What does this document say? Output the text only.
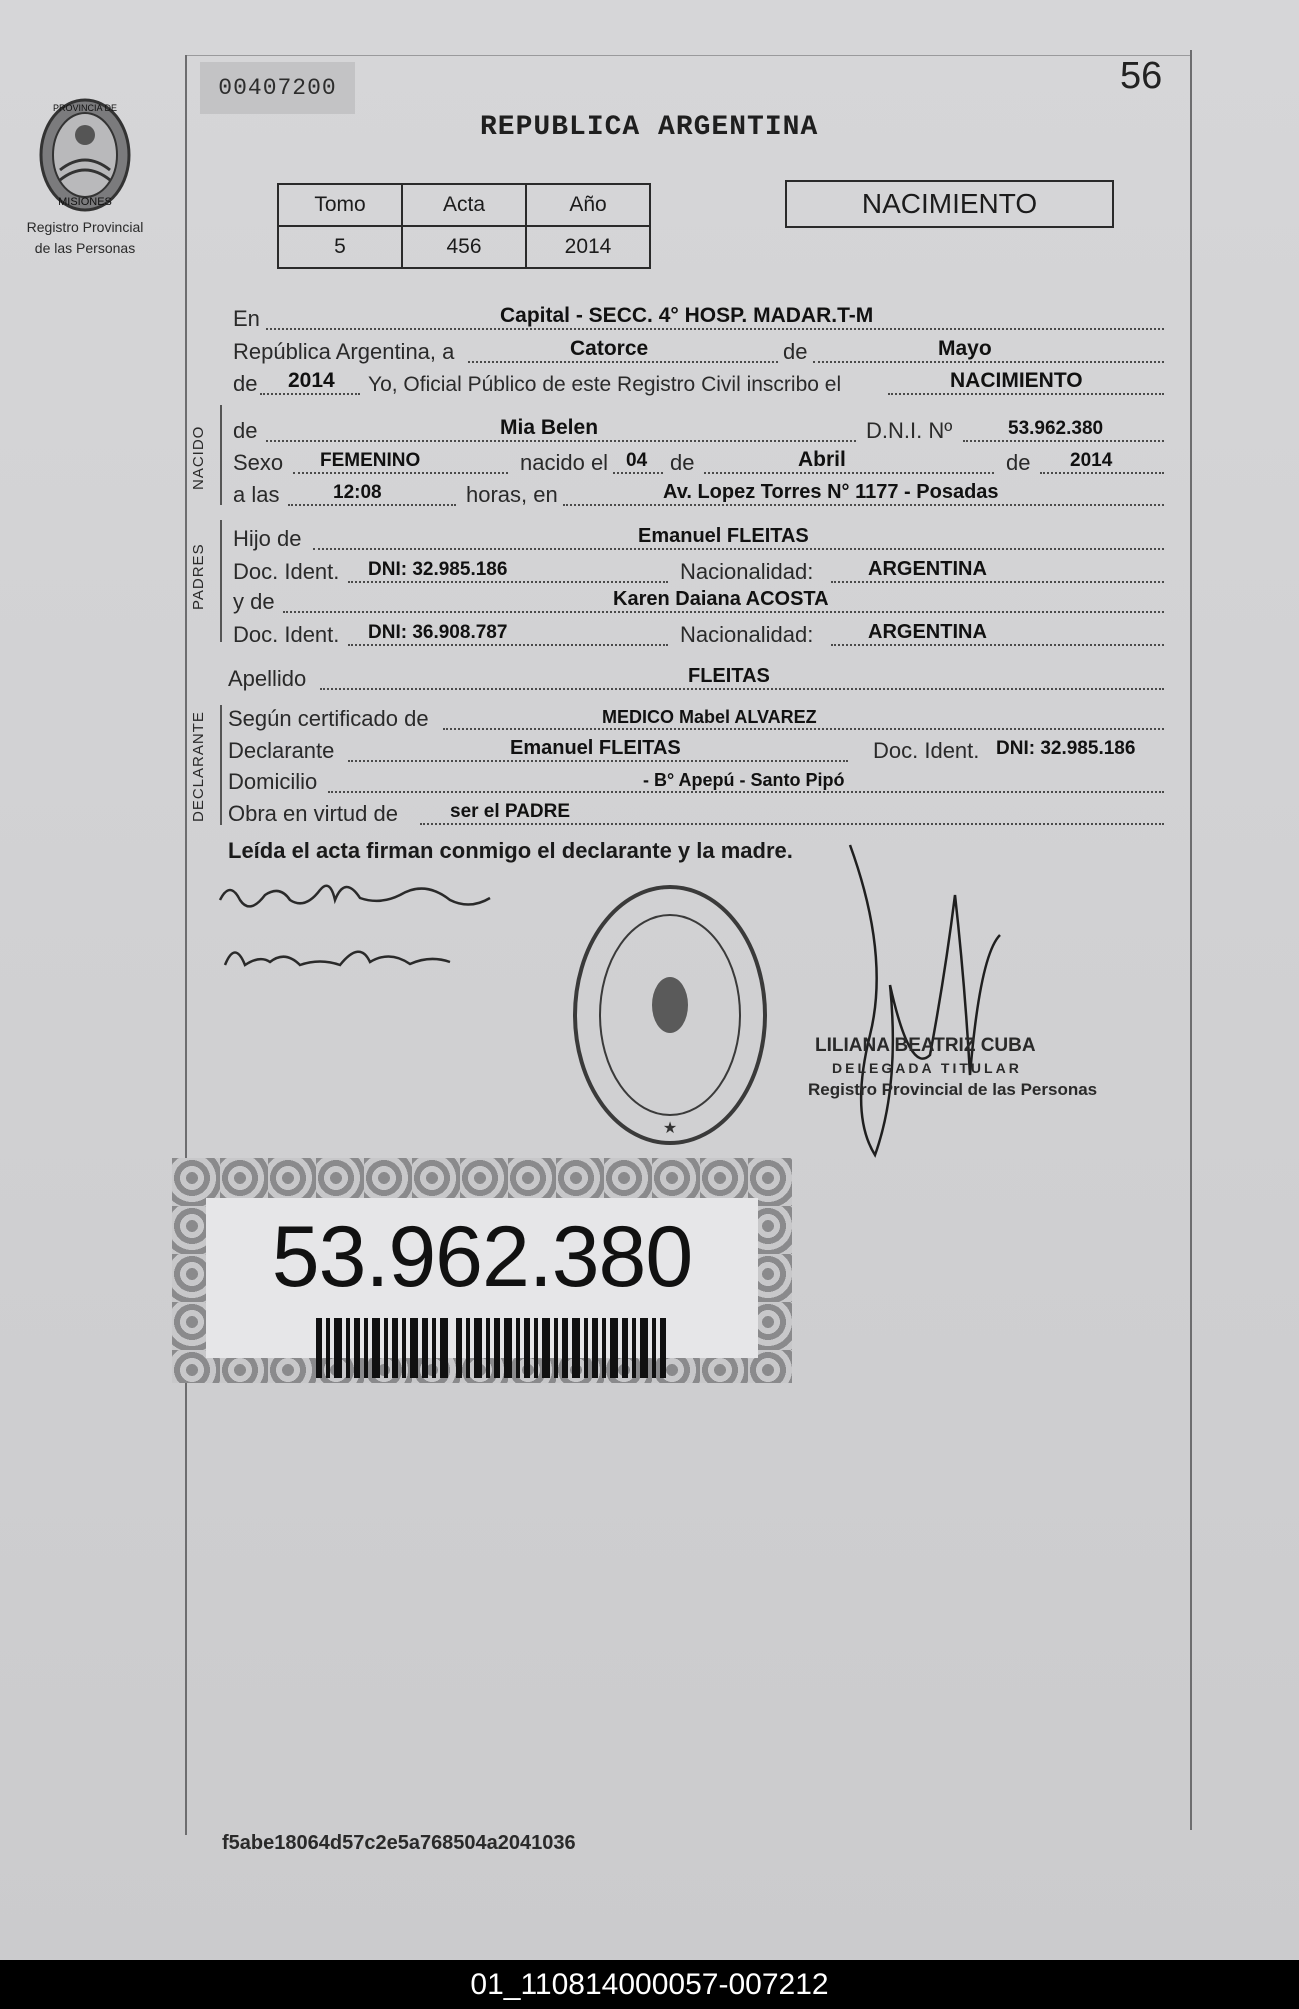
PROVINCIA DE
MISIONES
Registro Provincial
de las Personas
00407200	56
REPUBLICA ARGENTINA
Tomo	Acta	Año
5	456	2014
NACIMIENTO
En	Capital - SECC. 4° HOSP. MADAR.T-M
República Argentina, a	Catorce	de	Mayo
de 2014 Yo, Oficial Público de este Registro Civil inscribo el	NACIMIENTO
NACIDO de	Mia Belen	D.N.I. Nº	53.962.380
Sexo FEMENINO	nacido el 04 de	Abril	de 2014
a las	12:08	horas, en	Av. Lopez Torres N° 1177 - Posadas
PADRES
Hijo de	Emanuel FLEITAS
Doc. Ident. DNI: 32.985.186	Nacionalidad:	ARGENTINA
y de	Karen Daiana ACOSTA
Doc. Ident. DNI: 36.908.787	Nacionalidad:	ARGENTINA
Apellido	FLEITAS
DECLARANTE Según certificado de	MEDICO Mabel ALVAREZ
Declarante	Emanuel FLEITAS	Doc. Ident. DNI: 32.985.186
Domicilio	- B° Apepú - Santo Pipó
Obra en virtud de	ser el PADRE
Leída el acta firman conmigo el declarante y la madre.
★
LILIANA BEATRIZ CUBA
DELEGADA TITULAR
Registro Provincial de las Personas
53.962.380
f5abe18064d57c2e5a768504a2041036
01_110814000057-007212
